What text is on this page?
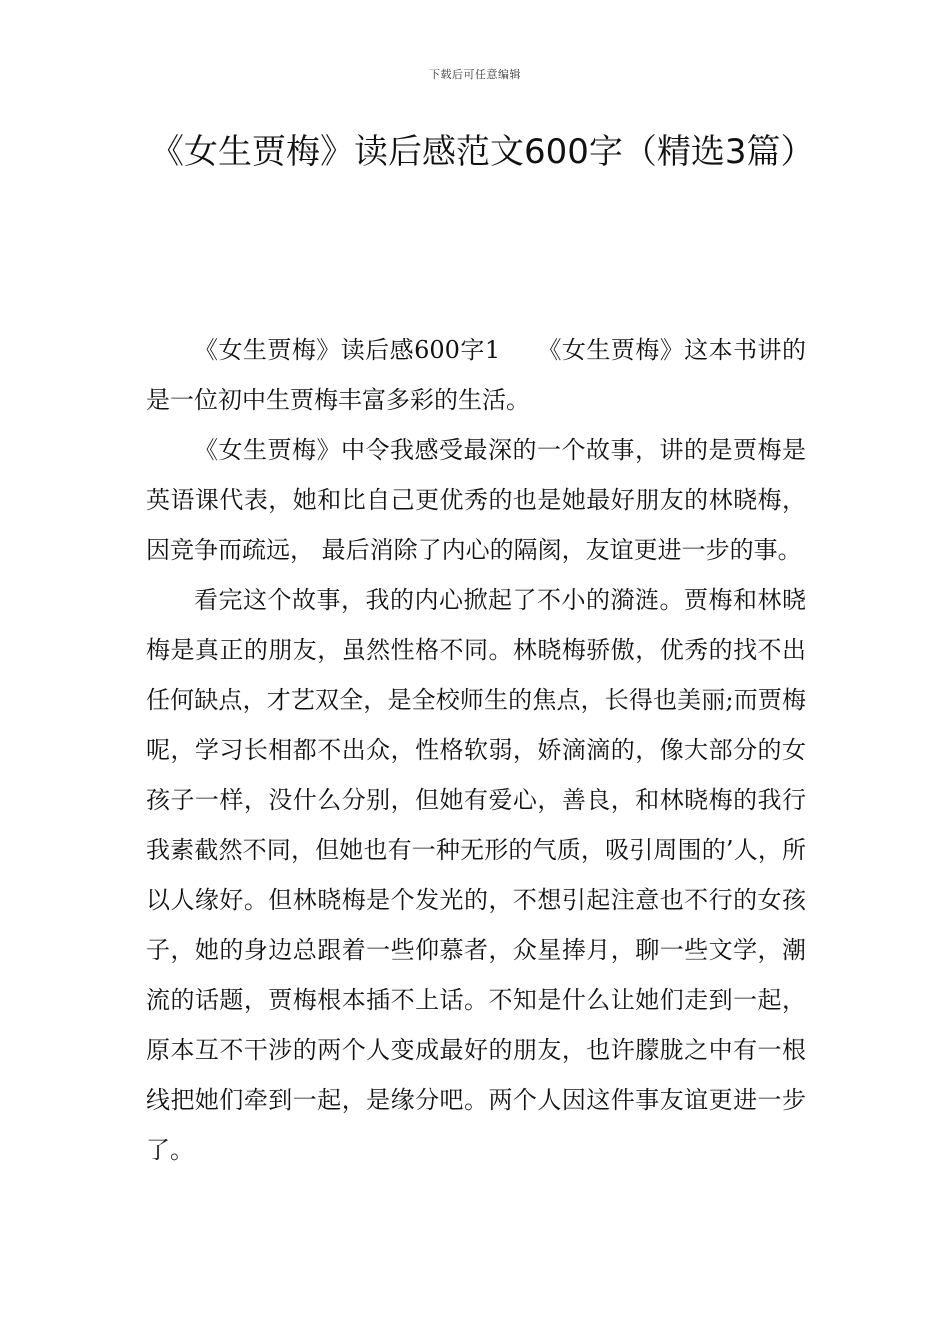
下载后可任意编辑
《女生贾梅》读后感范文600字（精选3篇）

《女生贾梅》读后感600字1　　《女生贾梅》这本书讲的是一位初中生贾梅丰富多彩的生活。

《女生贾梅》中令我感受最深的一个故事，讲的是贾梅是英语课代表，她和比自己更优秀的也是她最好朋友的林晓梅，因竞争而疏远， 最后消除了内心的隔阂，友谊更进一步的事。

看完这个故事，我的内心掀起了不小的漪涟。贾梅和林晓梅是真正的朋友，虽然性格不同。林晓梅骄傲，优秀的找不出任何缺点，才艺双全，是全校师生的焦点，长得也美丽;而贾梅呢，学习长相都不出众，性格软弱，娇滴滴的，像大部分的女孩子一样，没什么分别，但她有爱心，善良，和林晓梅的我行我素截然不同，但她也有一种无形的气质，吸引周围的’人，所以人缘好。但林晓梅是个发光的，不想引起注意也不行的女孩子，她的身边总跟着一些仰慕者，众星捧月，聊一些文学，潮流的话题，贾梅根本插不上话。不知是什么让她们走到一起，原本互不干涉的两个人变成最好的朋友，也许朦胧之中有一根线把她们牵到一起，是缘分吧。两个人因这件事友谊更进一步了。
